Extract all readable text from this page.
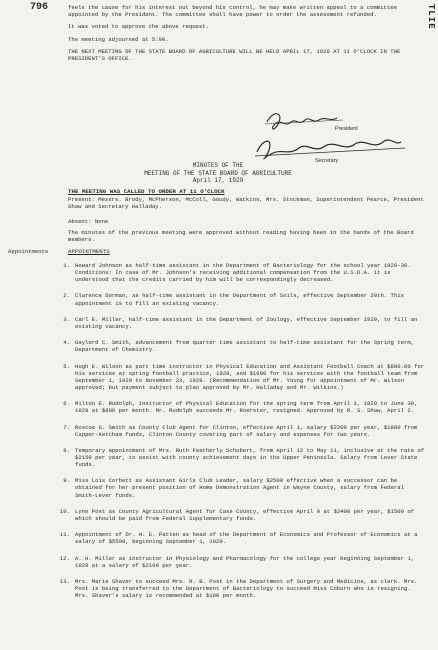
796	TLIE

feels the cause for his interest out beyond his control, he may make written appeal to a committee appointed by the President. The committee shall have power to order the assessment refunded.

It was voted to approve the above request.

The meeting adjourned at 5:00.

THE NEXT MEETING OF THE STATE BOARD OF AGRICULTURE WILL BE HELD APRIL 17, 1929 AT 11 O'CLOCK IN THE PRESIDENT'S OFFICE.

President
Secretary
MINUTES OF THE
MEETING OF THE STATE BOARD OF AGRICULTURE
April 17, 1929
THE MEETING WAS CALLED TO ORDER AT 11 O'CLOCK
Present: Messrs. Brody, McPherson, McColl, Goudy, Watkins, Mrs. Stockman, Superintendent Pearce, President Shaw and Secretary Halladay.
Absent: None
The minutes of the previous meeting were approved without reading having been in the hands of the Board members.
Appointments	APPOINTMENTS
1. Howard Johnson as half-time assistant in the Department of Bacteriology for the school year 1929-30. Conditions: In case of Mr. Johnson's receiving additional compensation from the U.S.D.A. it is understood that the credits carried by him will be correspondingly decreased.
2. Clarence Dorman, as half-time assistant in the Department of Soils, effective September 20th. This appointment is to fill an existing vacancy.
3. Carl E. Miller, half-time assistant in the Department of Zoology, effective September 1929, to fill an existing vacancy.
4. Gaylord C. Smith, advancement from quarter time assistant to half-time assistant for the Spring term, Department of Chemistry.
5. Hugh E. Wilson as part time instructor in Physical Education and Assistant Football Coach at $800.00 for his services at spring football practice, 1929, and $1600 for his services with the football team from September 1, 1929 to November 23, 1929. (Recommendation of Mr. Young for appointment of Mr. Wilson approved; but payment subject to plan approved by Mr. Halladay and Mr. Wilkins.)
6. Milton E. Rudolph, instructor of Physical Education for the spring term from April 1, 1929 to June 30, 1929 at $800 per month. Mr. Rudolph succeeds Mr. Roerster, resigned. Approved by R. S. Shaw, April 2.
7. Roscoe G. Smith as County Club Agent for Clinton, effective April 1, salary $2200 per year, $1800 from Capper-Ketcham funds, Clinton County covering part of salary and expenses for two years.
8. Temporary appointment of Mrs. Ruth Featherly Schubert, from April 12 to May 11, inclusive at the rate of $2150 per year, to assist with county achievement days in the Upper Peninsula. Salary from Lever State funds.
9. Miss Lois Corbett as Assistant Girls Club Leader, salary $2500 effective when a successor can be obtained for her present position of Home Demonstration Agent in Wayne County, salary from Federal Smith-Lever funds.
10. Lynn Post as County Agricultural Agent for Cass County, effective April 9 at $2400 per year, $1500 of which should be paid from Federal Supplementary funds.
11. Appointment of Dr. H. E. Patten as head of the Department of Economics and Professor of Economics at a salary of $5500, beginning September 1, 1929.
12. A. H. Miller as instructor in Physiology and Pharmacology for the college year beginning September 1, 1929 at a salary of $2100 per year.
13. Mrs. Marie Shaver to succeed Mrs. R. B. Post in the Department of Surgery and Medicine, as clerk. Mrs. Post is being transferred to the Department of Bacteriology to succeed Miss Coburn who is resigning. Mrs. Shaver's salary is recommended at $100 per month.
